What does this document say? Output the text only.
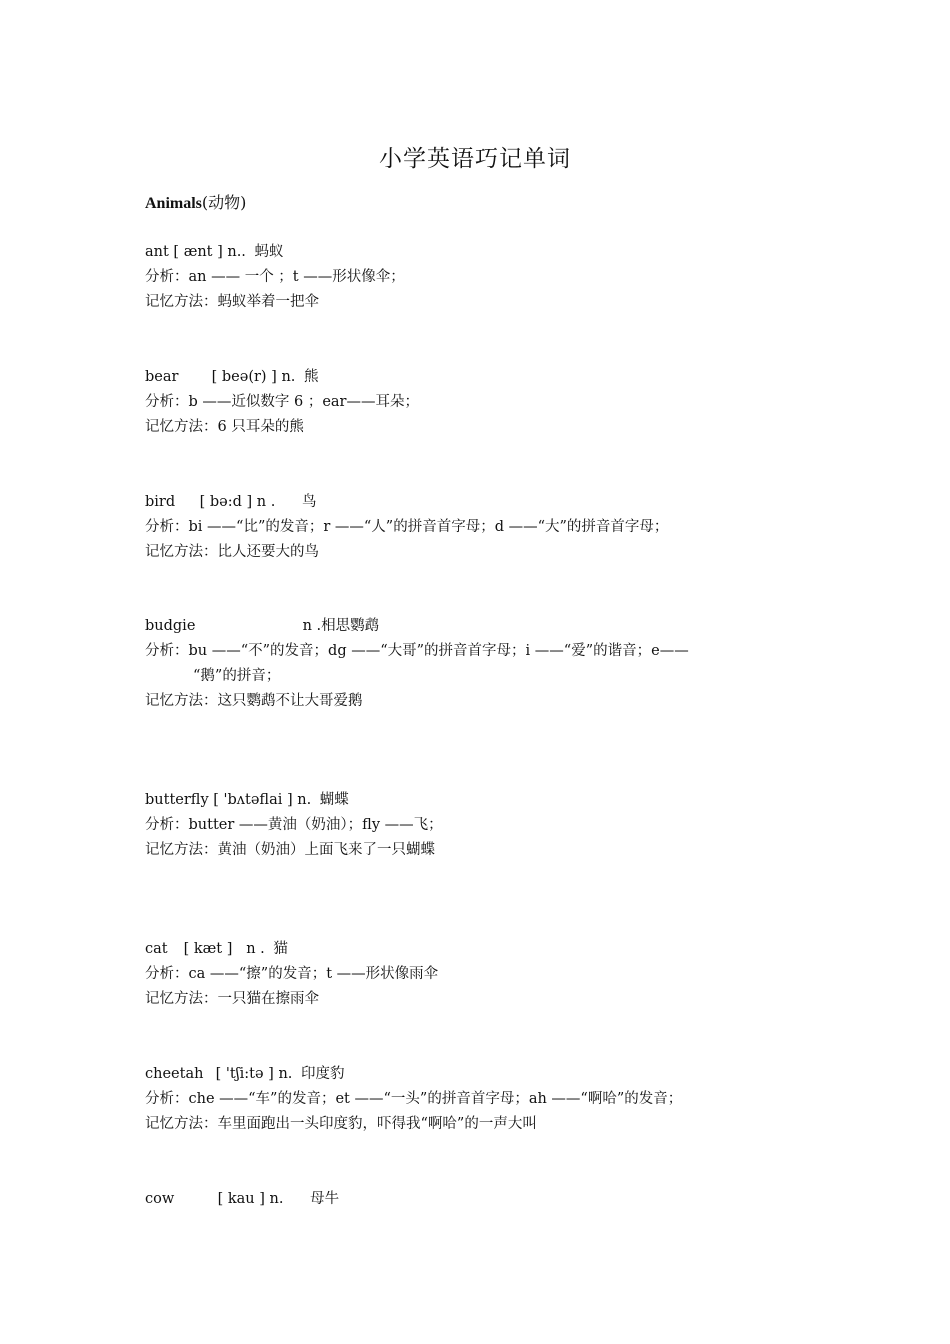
小学英语巧记单词
Animals(动物)
ant [ ænt ] n.. 蚂蚁
分析：an —— 一个 ；t ——形状像伞；
记忆方法：蚂蚁举着一把伞
bear [ beə(r) ] n. 熊
分析：b ——近似数字 6 ；ear——耳朵；
记忆方法：6 只耳朵的熊
bird [ bə:d ] n . 鸟
分析：bi ——“比”的发音；r ——“人”的拼音首字母；d ——“大”的拼音首字母；
记忆方法：比人还要大的鸟
budgie	n .相思鹦鹉
分析：bu ——“不”的发音；dg ——“大哥”的拼音首字母；i ——“爱”的谐音；e——
“鹅”的拼音；
记忆方法：这只鹦鹉不让大哥爱鹅
butterfly [ 'bʌtəflai ] n. 蝴蝶
分析：butter ——黄油（奶油）；fly ——飞；
记忆方法：黄油（奶油）上面飞来了一只蝴蝶
cat [ kæt ] n . 猫
分析：ca ——“擦”的发音；t ——形状像雨伞
记忆方法：一只猫在擦雨伞
cheetah [ 'tʃi:tə ] n. 印度豹
分析：che ——“车”的发音；et ——“一头”的拼音首字母；ah ——“啊哈”的发音；
记忆方法：车里面跑出一头印度豹，吓得我“啊哈”的一声大叫
cow	[ kau ] n. 母牛
